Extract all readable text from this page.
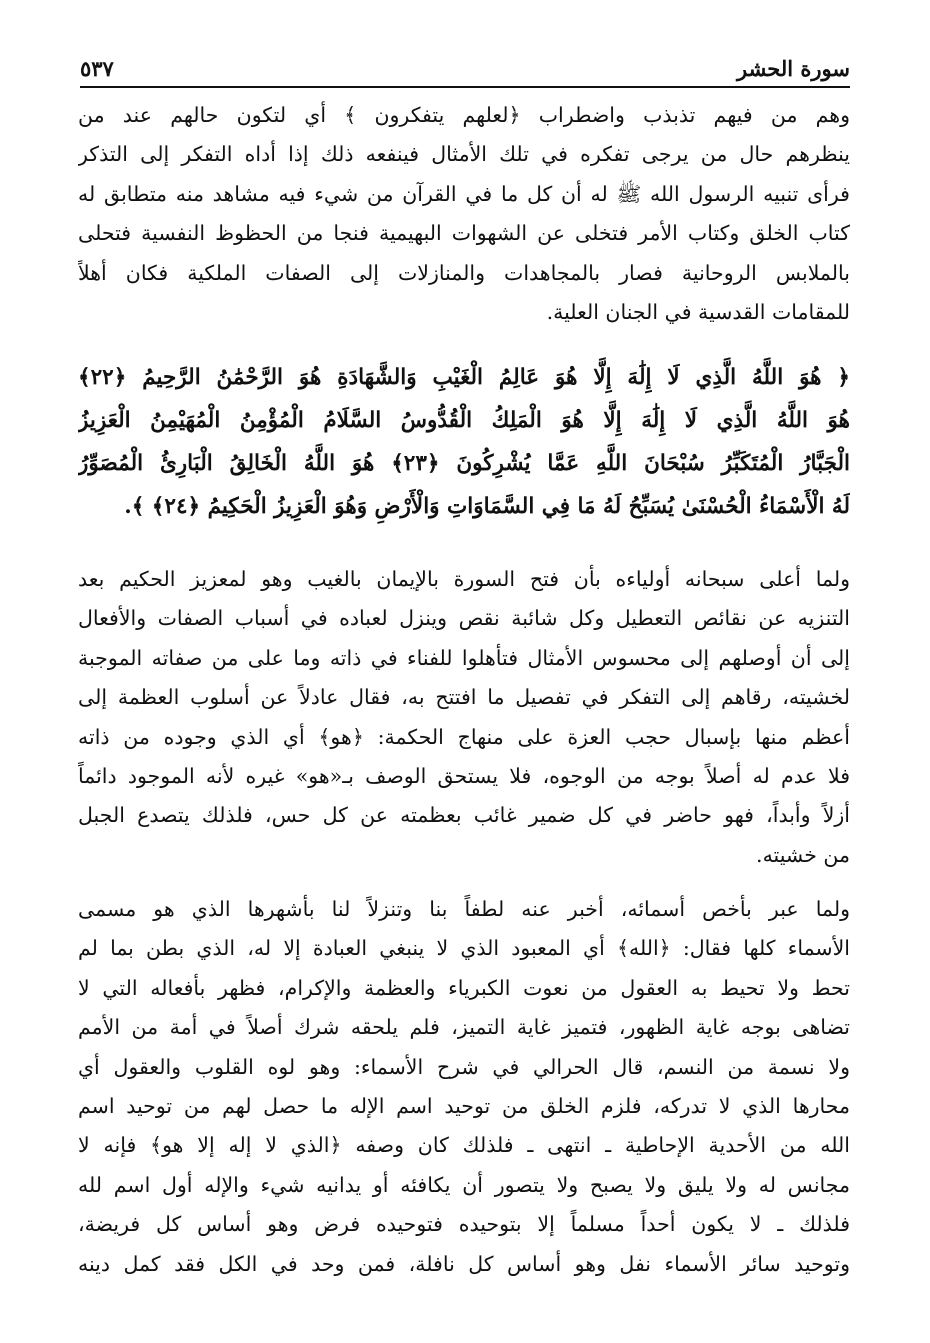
سورة الحشر
٥٣٧
وهم من فيهم تذبذب واضطراب ﴿لعلهم يتفكرون ﴾ أي لتكون حالهم عند من
ينظرهم حال من يرجى تفكره في تلك الأمثال فينفعه ذلك إذا أداه التفكر إلى التذكر
فرأى تنبيه الرسول الله ﷺ له أن كل ما في القرآن من شيء فيه مشاهد منه متطابق له
كتاب الخلق وكتاب الأمر فتخلى عن الشهوات البهيمية فنجا من الحظوظ النفسية فتحلى
بالملابس الروحانية فصار بالمجاهدات والمنازلات إلى الصفات الملكية فكان أهلاً
للمقامات القدسية في الجنان العلية.
﴿ هُوَ اللَّهُ الَّذِي لَا إِلَٰهَ إِلَّا هُوَ عَالِمُ الْغَيْبِ وَالشَّهَادَةِ هُوَ الرَّحْمَٰنُ الرَّحِيمُ ﴿٢٢﴾
هُوَ اللَّهُ الَّذِي لَا إِلَٰهَ إِلَّا هُوَ الْمَلِكُ الْقُدُّوسُ السَّلَامُ الْمُؤْمِنُ الْمُهَيْمِنُ الْعَزِيزُ
الْجَبَّارُ الْمُتَكَبِّرُ سُبْحَانَ اللَّهِ عَمَّا يُشْرِكُونَ ﴿٢٣﴾ هُوَ اللَّهُ الْخَالِقُ الْبَارِئُ الْمُصَوِّرُ
لَهُ الْأَسْمَاءُ الْحُسْنَىٰ يُسَبِّحُ لَهُ مَا فِي السَّمَاوَاتِ وَالْأَرْضِ وَهُوَ الْعَزِيزُ الْحَكِيمُ ﴿٢٤﴾ ﴾.
ولما أعلى سبحانه أولياءه بأن فتح السورة بالإيمان بالغيب وهو لمعزيز الحكيم بعد
التنزيه عن نقائص التعطيل وكل شائبة نقص وينزل لعباده في أسباب الصفات والأفعال
إلى أن أوصلهم إلى محسوس الأمثال فتأهلوا للفناء في ذاته وما على من صفاته الموجبة
لخشيته، رقاهم إلى التفكر في تفصيل ما افتتح به، فقال عادلاً عن أسلوب العظمة إلى
أعظم منها بإسبال حجب العزة على منهاج الحكمة: ﴿هو﴾ أي الذي وجوده من ذاته
فلا عدم له أصلاً بوجه من الوجوه، فلا يستحق الوصف بـ«هو» غيره لأنه الموجود دائماً
أزلاً وأبداً، فهو حاضر في كل ضمير غائب بعظمته عن كل حس، فلذلك يتصدع الجبل
من خشيته.
ولما عبر بأخص أسمائه، أخبر عنه لطفاً بنا وتنزلاً لنا بأشهرها الذي هو مسمى
الأسماء كلها فقال: ﴿الله﴾ أي المعبود الذي لا ينبغي العبادة إلا له، الذي بطن بما لم
تحط ولا تحيط به العقول من نعوت الكبرياء والعظمة والإكرام، فظهر بأفعاله التي لا
تضاهى بوجه غاية الظهور، فتميز غاية التميز، فلم يلحقه شرك أصلاً في أمة من الأمم
ولا نسمة من النسم، قال الحرالي في شرح الأسماء: وهو لوه القلوب والعقول أي
محارها الذي لا تدركه، فلزم الخلق من توحيد اسم الإله ما حصل لهم من توحيد اسم
الله من الأحدية الإحاطية ـ انتهى ـ فلذلك كان وصفه ﴿الذي لا إله إلا هو﴾ فإنه لا
مجانس له ولا يليق ولا يصبح ولا يتصور أن يكافئه أو يدانيه شيء والإله أول اسم لله
فلذلك ـ لا يكون أحداً مسلماً إلا بتوحيده فتوحيده فرض وهو أساس كل فريضة،
وتوحيد سائر الأسماء نفل وهو أساس كل نافلة، فمن وحد في الكل فقد كمل دينه
